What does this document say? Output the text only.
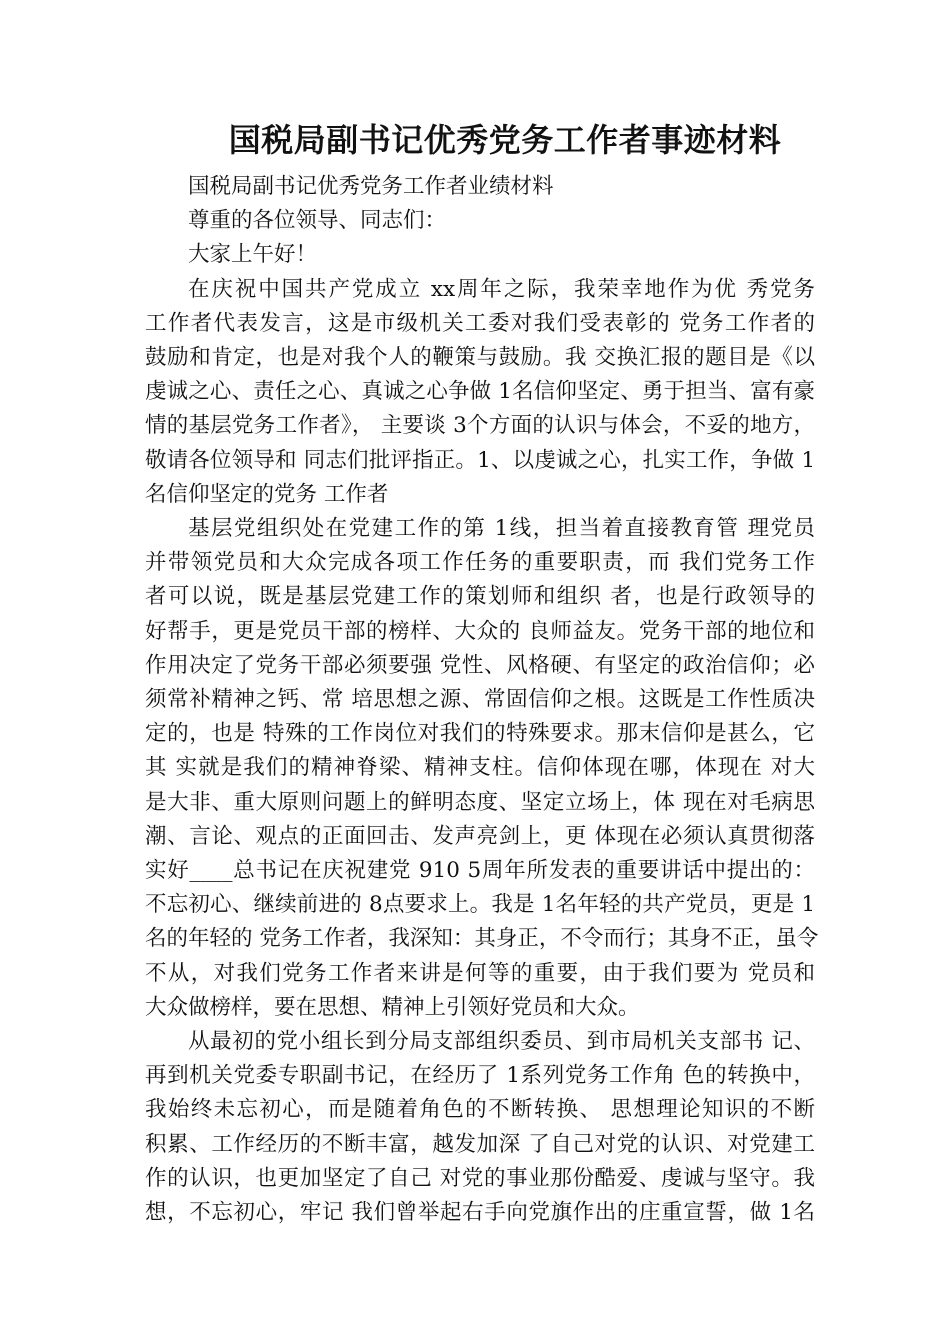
国税局副书记优秀党务工作者事迹材料
国税局副书记优秀党务工作者业绩材料
尊重的各位领导、同志们：
大家上午好！
在庆祝中国共产党成立 xx周年之际，我荣幸地作为优 秀党务
工作者代表发言，这是市级机关工委对我们受表彰的 党务工作者的
鼓励和肯定，也是对我个人的鞭策与鼓励。我 交换汇报的题目是《以
虔诚之心、责任之心、真诚之心争做 1名信仰坚定、勇于担当、富有豪
情的基层党务工作者》， 主要谈 3个方面的认识与体会，不妥的地方，
敬请各位领导和 同志们批评指正。1、以虔诚之心，扎实工作，争做 1
名信仰坚定的党务 工作者
基层党组织处在党建工作的第 1线，担当着直接教育管 理党员
并带领党员和大众完成各项工作任务的重要职责，而 我们党务工作
者可以说，既是基层党建工作的策划师和组织 者，也是行政领导的
好帮手，更是党员干部的榜样、大众的 良师益友。党务干部的地位和
作用决定了党务干部必须要强 党性、风格硬、有坚定的政治信仰；必
须常补精神之钙、常 培思想之源、常固信仰之根。这既是工作性质决
定的，也是 特殊的工作岗位对我们的特殊要求。那末信仰是甚么，它
其 实就是我们的精神脊梁、精神支柱。信仰体现在哪，体现在 对大
是大非、重大原则问题上的鲜明态度、坚定立场上，体 现在对毛病思
潮、言论、观点的正面回击、发声亮剑上，更 体现在必须认真贯彻落
实好____总书记在庆祝建党 910 5周年所发表的重要讲话中提出的：
不忘初心、继续前进的 8点要求上。我是 1名年轻的共产党员，更是 1
名的年轻的 党务工作者，我深知：其身正，不令而行；其身不正，虽令
不从，对我们党务工作者来讲是何等的重要，由于我们要为 党员和
大众做榜样，要在思想、精神上引领好党员和大众。
从最初的党小组长到分局支部组织委员、到市局机关支部书 记、
再到机关党委专职副书记，在经历了 1系列党务工作角 色的转换中，
我始终未忘初心，而是随着角色的不断转换、 思想理论知识的不断
积累、工作经历的不断丰富，越发加深 了自己对党的认识、对党建工
作的认识，也更加坚定了自己 对党的事业那份酷爱、虔诚与坚守。我
想，不忘初心，牢记 我们曾举起右手向党旗作出的庄重宣誓，做 1名
